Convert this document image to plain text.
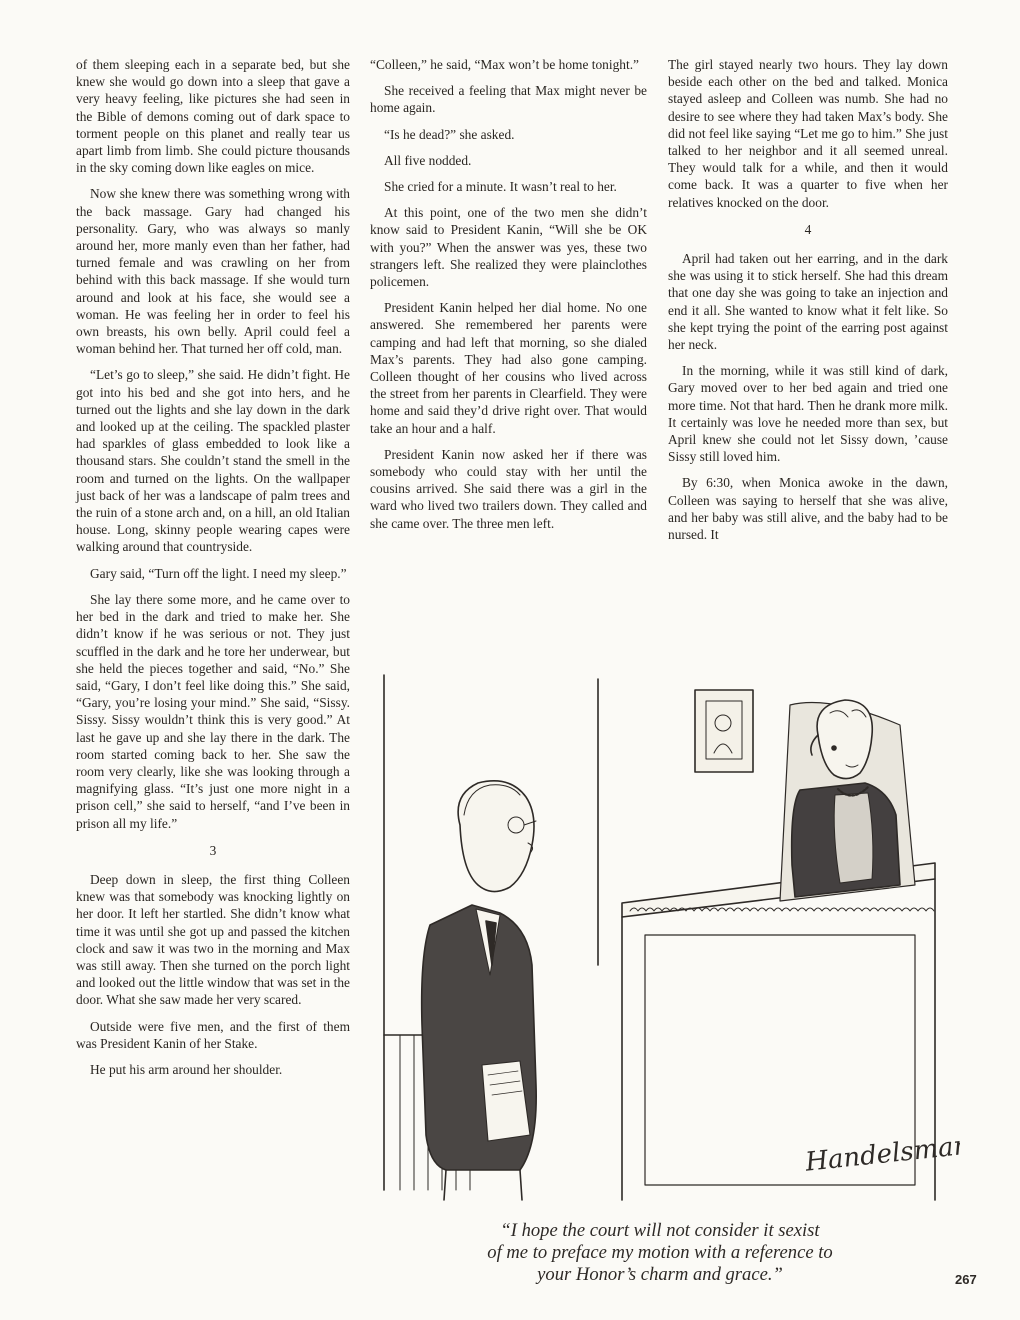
of them sleeping each in a separate bed, but she knew she would go down into a sleep that gave a very heavy feeling, like pictures she had seen in the Bible of demons coming out of dark space to torment people on this planet and really tear us apart limb from limb. She could picture thousands in the sky coming down like eagles on mice.

Now she knew there was something wrong with the back massage. Gary had changed his personality. Gary, who was always so manly around her, more manly even than her father, had turned female and was crawling on her from behind with this back massage. If she would turn around and look at his face, she would see a woman. He was feeling her in order to feel his own breasts, his own belly. April could feel a woman behind her. That turned her off cold, man.

“Let’s go to sleep,” she said. He didn’t fight. He got into his bed and she got into hers, and he turned out the lights and she lay down in the dark and looked up at the ceiling. The spackled plaster had sparkles of glass embedded to look like a thousand stars. She couldn’t stand the smell in the room and turned on the lights. On the wallpaper just back of her was a landscape of palm trees and the ruin of a stone arch and, on a hill, an old Italian house. Long, skinny people wearing capes were walking around that countryside.

Gary said, “Turn off the light. I need my sleep.”

She lay there some more, and he came over to her bed in the dark and tried to make her. She didn’t know if he was serious or not. They just scuffled in the dark and he tore her underwear, but she held the pieces together and said, “No.” She said, “Gary, I don’t feel like doing this.” She said, “Gary, you’re losing your mind.” She said, “Sissy. Sissy. Sissy wouldn’t think this is very good.” At last he gave up and she lay there in the dark. The room started coming back to her. She saw the room very clearly, like she was looking through a magnifying glass. “It’s just one more night in a prison cell,” she said to herself, “and I’ve been in prison all my life.”

3

Deep down in sleep, the first thing Colleen knew was that somebody was knocking lightly on her door. It left her startled. She didn’t know what time it was until she got up and passed the kitchen clock and saw it was two in the morning and Max was still away. Then she turned on the porch light and looked out the little window that was set in the door. What she saw made her very scared.

Outside were five men, and the first of them was President Kanin of her Stake.

He put his arm around her shoulder.

“Colleen,” he said, “Max won’t be home tonight.”

She received a feeling that Max might never be home again.

“Is he dead?” she asked.

All five nodded.

She cried for a minute. It wasn’t real to her.

At this point, one of the two men she didn’t know said to President Kanin, “Will she be OK with you?” When the answer was yes, these two strangers left. She realized they were plainclothes policemen.

President Kanin helped her dial home. No one answered. She remembered her parents were camping and had left that morning, so she dialed Max’s parents. They had also gone camping. Colleen thought of her cousins who lived across the street from her parents in Clearfield. They were home and said they’d drive right over. That would take an hour and a half.

President Kanin now asked her if there was somebody who could stay with her until the cousins arrived. She said there was a girl in the ward who lived two trailers down. They called and she came over. The three men left.

The girl stayed nearly two hours. They lay down beside each other on the bed and talked. Monica stayed asleep and Colleen was numb. She had no desire to see where they had taken Max’s body. She did not feel like saying “Let me go to him.” She just talked to her neighbor and it all seemed unreal. They would talk for a while, and then it would come back. It was a quarter to five when her relatives knocked on the door.

4

April had taken out her earring, and in the dark she was using it to stick herself. She had this dream that one day she was going to take an injection and end it all. She wanted to know what it felt like. So she kept trying the point of the earring post against her neck.

In the morning, while it was still kind of dark, Gary moved over to her bed again and tried one more time. Not that hard. Then he drank more milk. It certainly was love he needed more than sex, but April knew she could not let Sissy down, ’cause Sissy still loved him.

By 6:30, when Monica awoke in the dawn, Colleen was saying to herself that she was alive, and her baby was still alive, and the baby had to be nursed. It

Handelsman
“I hope the court will not consider it sexist
of me to preface my motion with a reference to
your Honor’s charm and grace.”	267
